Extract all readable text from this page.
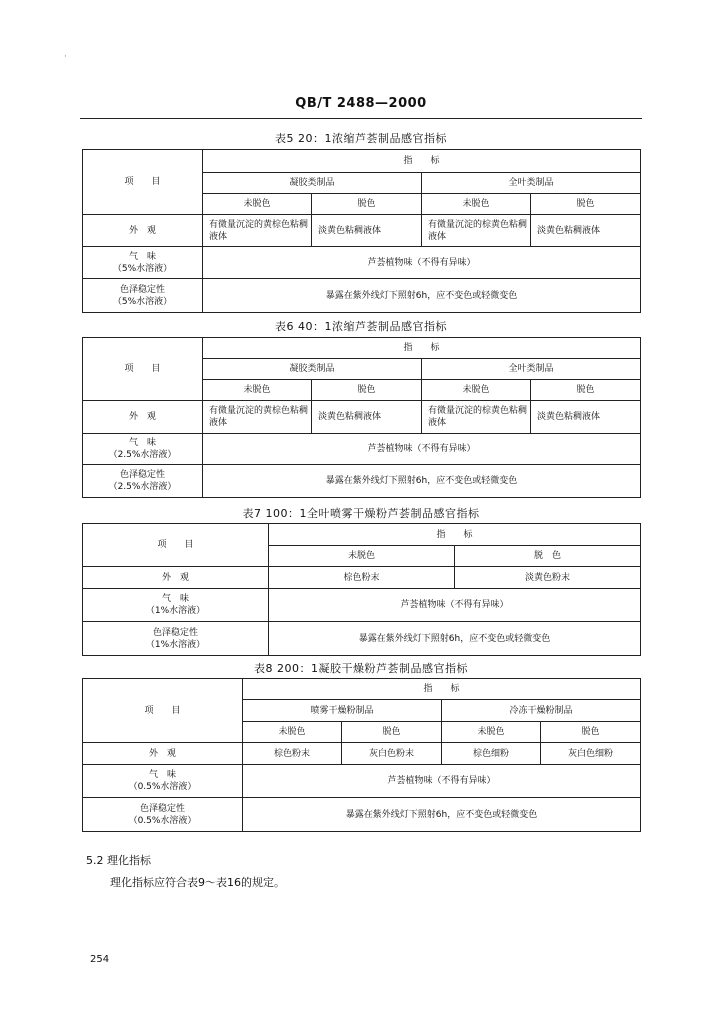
·
QB/T 2488—2000
表5 20：1浓缩芦荟制品感官指标
项　　目	指　　标			
	凝胶类制品		全叶类制品	
	未脱色	脱色	未脱色	脱色
外　观	有微量沉淀的黄棕色粘稠液体	淡黄色粘稠液体	有微量沉淀的棕黄色粘稠液体	淡黄色粘稠液体

气　味
（5%水溶液）	芦荟植物味（不得有异味）			

色泽稳定性
（5%水溶液）	暴露在紫外线灯下照射6h，应不变色或轻微变色			
表6 40：1浓缩芦荟制品感官指标
项　　目	指　　标			
	凝胶类制品		全叶类制品	
	未脱色	脱色	未脱色	脱色
外　观	有微量沉淀的黄棕色粘稠液体	淡黄色粘稠液体	有微量沉淀的棕黄色粘稠液体	淡黄色粘稠液体

气　味
（2.5%水溶液）	芦荟植物味（不得有异味）			

色泽稳定性
（2.5%水溶液）	暴露在紫外线灯下照射6h，应不变色或轻微变色			
表7 100：1全叶喷雾干燥粉芦荟制品感官指标
项　　目	指　　标	
	未脱色	脱　色
外　观	棕色粉末	淡黄色粉末

气　味
（1%水溶液）	芦荟植物味（不得有异味）	

色泽稳定性
（1%水溶液）	暴露在紫外线灯下照射6h，应不变色或轻微变色	
表8 200：1凝胶干燥粉芦荟制品感官指标
项　　目	指　　标			
	喷雾干燥粉制品		冷冻干燥粉制品	
	未脱色	脱色	未脱色	脱色
外　观	棕色粉末	灰白色粉末	棕色细粉	灰白色细粉

气　味
（0.5%水溶液）	芦荟植物味（不得有异味）			

色泽稳定性
（0.5%水溶液）	暴露在紫外线灯下照射6h，应不变色或轻微变色			
5.2 理化指标
理化指标应符合表9～表16的规定。
254
